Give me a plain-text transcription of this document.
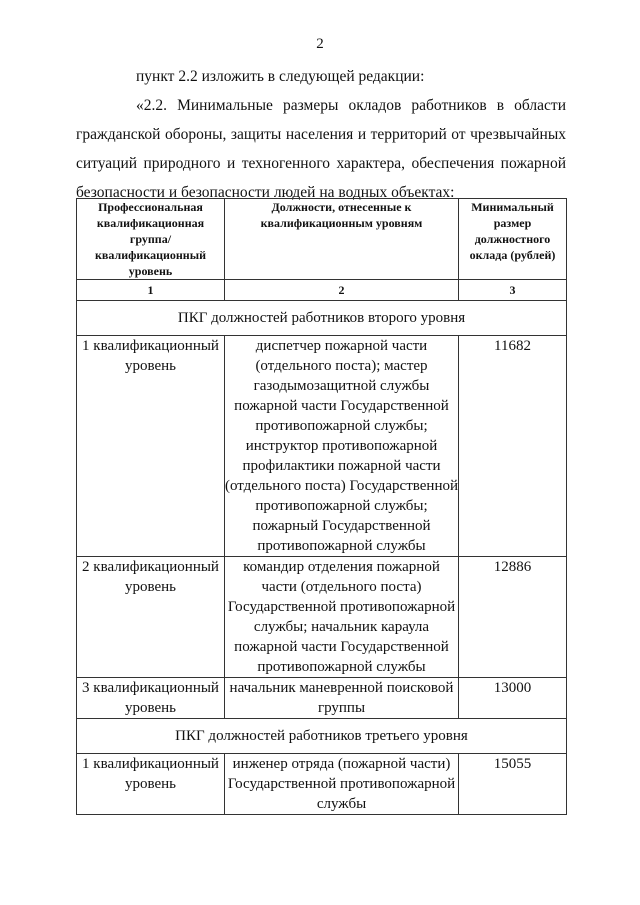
2
пункт 2.2 изложить в следующей редакции:
«2.2. Минимальные размеры окладов работников в области гражданской обороны, защиты населения и территорий от чрезвычайных ситуаций природного и техногенного характера, обеспечения пожарной безопасности и безопасности людей на водных объектах:
Профессиональная квалификационная группа/ квалификационный уровень	Должности, отнесенные к квалификационным уровням	Минимальный размер должностного оклада (рублей)
1	2	3
ПКГ должностей работников второго уровня		
1 квалификационный уровень	диспетчер пожарной части (отдельного поста); мастер газодымозащитной службы пожарной части Государственной противопожарной службы; инструктор противопожарной профилактики пожарной части (отдельного поста) Государственной противопожарной службы; пожарный Государственной противопожарной службы	11682
2 квалификационный уровень	командир отделения пожарной части (отдельного поста) Государственной противопожарной службы; начальник караула пожарной части Государственной противопожарной службы	12886
3 квалификационный уровень	начальник маневренной поисковой группы	13000
ПКГ должностей работников третьего уровня		
1 квалификационный уровень	инженер отряда (пожарной части) Государственной противопожарной службы	15055
